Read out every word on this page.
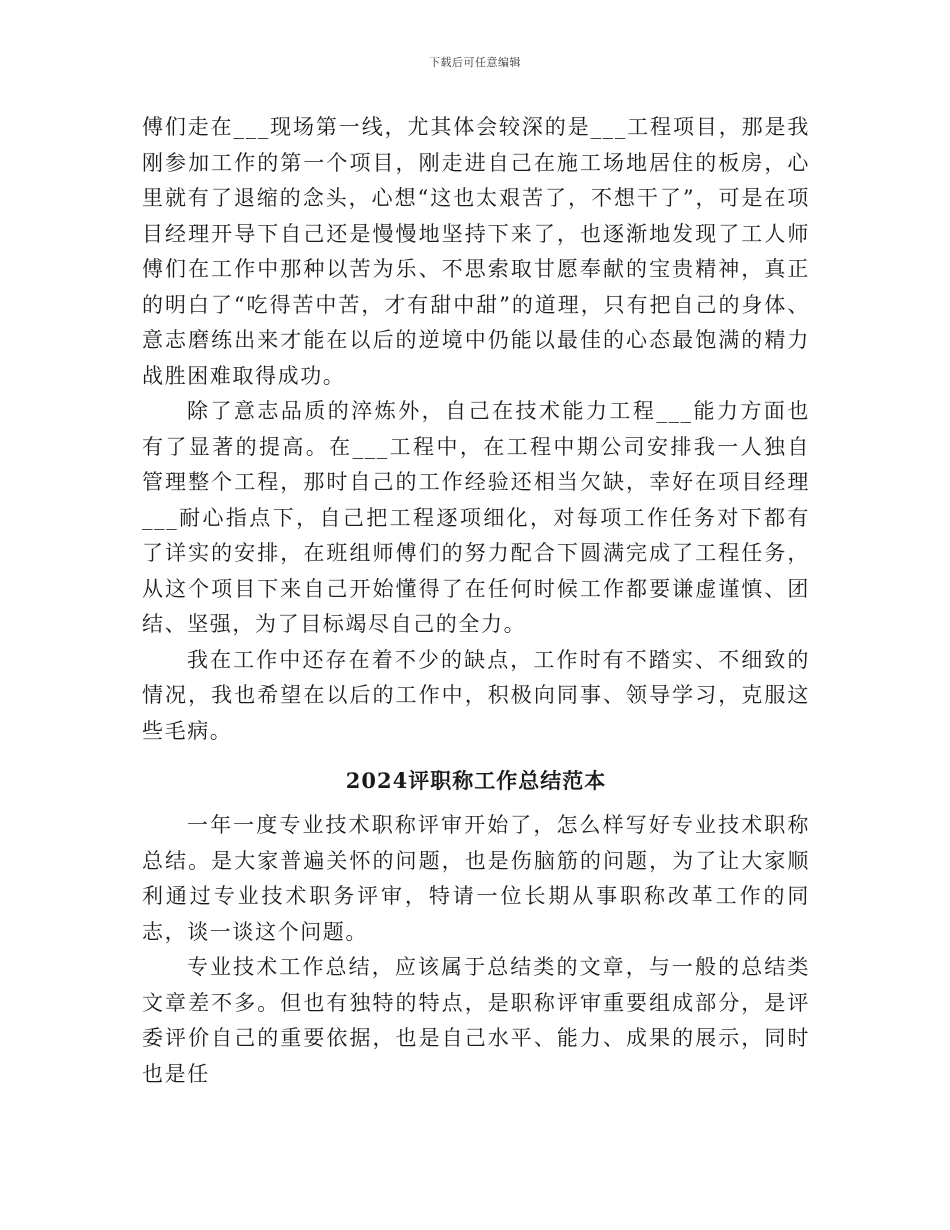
下载后可任意编辑

傅们走在___现场第一线，尤其体会较深的是___工程项目，那是我刚参加工作的第一个项目，刚走进自己在施工场地居住的板房，心里就有了退缩的念头，心想“这也太艰苦了，不想干了”，可是在项目经理开导下自己还是慢慢地坚持下来了，也逐渐地发现了工人师傅们在工作中那种以苦为乐、不思索取甘愿奉献的宝贵精神，真正的明白了“吃得苦中苦，才有甜中甜”的道理，只有把自己的身体、意志磨练出来才能在以后的逆境中仍能以最佳的心态最饱满的精力战胜困难取得成功。

除了意志品质的淬炼外，自己在技术能力工程___能力方面也有了显著的提高。在___工程中，在工程中期公司安排我一人独自管理整个工程，那时自己的工作经验还相当欠缺，幸好在项目经理___耐心指点下，自己把工程逐项细化，对每项工作任务对下都有了详实的安排，在班组师傅们的努力配合下圆满完成了工程任务，从这个项目下来自己开始懂得了在任何时候工作都要谦虚谨慎、团结、坚强，为了目标竭尽自己的全力。

我在工作中还存在着不少的缺点，工作时有不踏实、不细致的情况，我也希望在以后的工作中，积极向同事、领导学习，克服这些毛病。

2024评职称工作总结范本

一年一度专业技术职称评审开始了，怎么样写好专业技术职称总结。是大家普遍关怀的问题，也是伤脑筋的问题，为了让大家顺利通过专业技术职务评审，特请一位长期从事职称改革工作的同志，谈一谈这个问题。

专业技术工作总结，应该属于总结类的文章，与一般的总结类文章差不多。但也有独特的特点，是职称评审重要组成部分，是评委评价自己的重要依据，也是自己水平、能力、成果的展示，同时也是任
